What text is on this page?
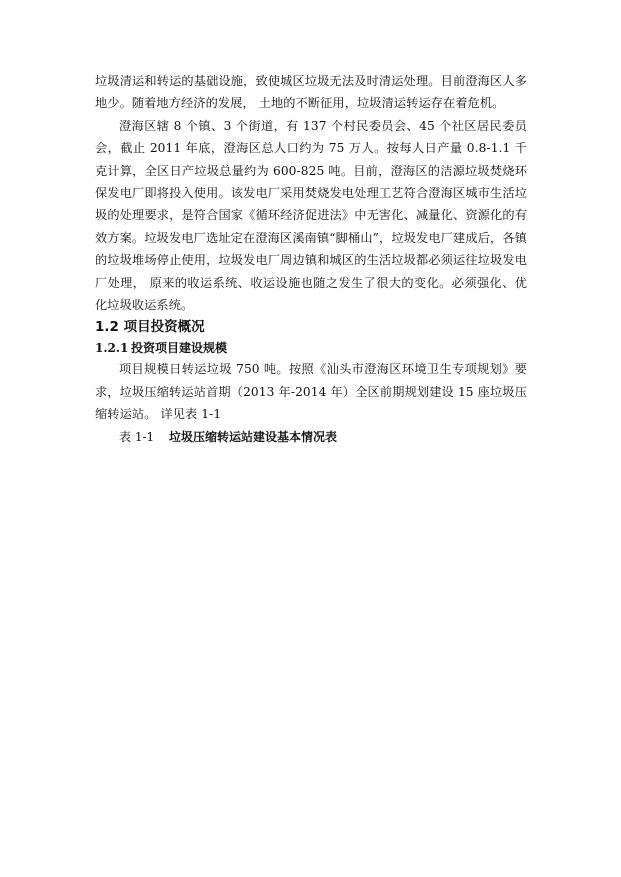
垃圾清运和转运的基础设施，致使城区垃圾无法及时清运处理。目前澄海区人多地少。随着地方经济的发展， 土地的不断征用，垃圾清运转运存在着危机。

澄海区辖 8 个镇、3 个街道，有 137 个村民委员会、45 个社区居民委员会，截止 2011 年底，澄海区总人口约为 75 万人。按每人日产量 0.8-1.1 千克计算，全区日产垃圾总量约为 600-825 吨。目前，澄海区的洁源垃圾焚烧环保发电厂即将投入使用。该发电厂采用焚烧发电处理工艺符合澄海区城市生活垃圾的处理要求，是符合国家《循环经济促进法》中无害化、减量化、资源化的有效方案。垃圾发电厂选址定在澄海区溪南镇“脚桶山”，垃圾发电厂建成后，各镇的垃圾堆场停止使用，垃圾发电厂周边镇和城区的生活垃圾都必须运往垃圾发电厂处理， 原来的收运系统、收运设施也随之发生了很大的变化。必须强化、优化垃圾收运系统。

1.2 项目投资概况
1.2.1 投资项目建设规模

项目规模日转运垃圾 750 吨。按照《汕头市澄海区环境卫生专项规划》要求，垃圾压缩转运站首期（2013 年-2014 年）全区前期规划建设 15 座垃圾压缩转运站。 详见表 1-1

表 1-1 垃圾压缩转运站建设基本情况表
